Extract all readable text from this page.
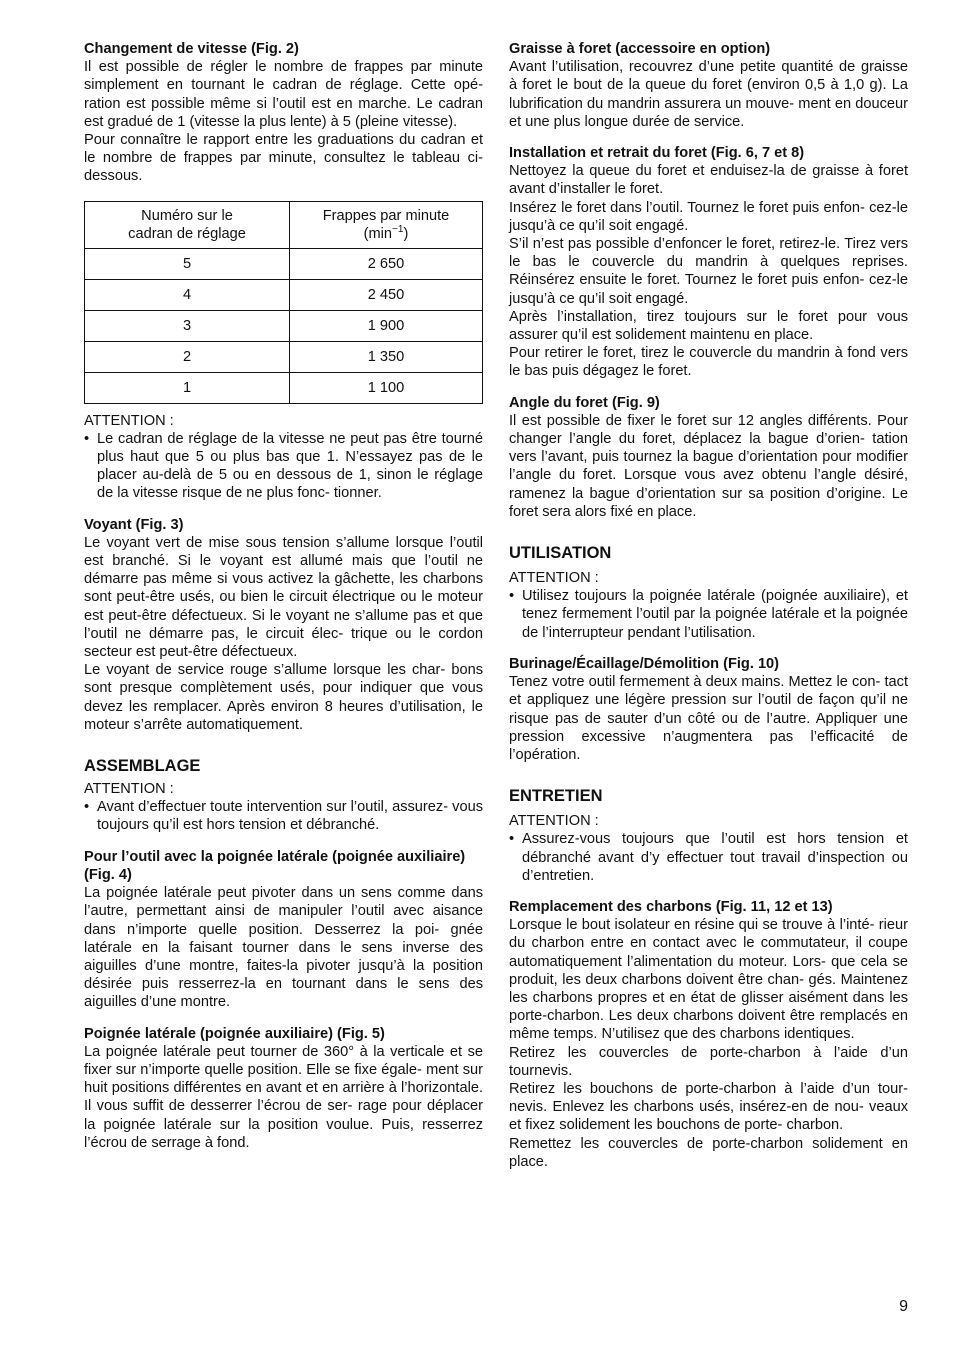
Changement de vitesse (Fig. 2)

Il est possible de régler le nombre de frappes par minute simplement en tournant le cadran de réglage. Cette opé- ration est possible même si l’outil est en marche. Le cadran est gradué de 1 (vitesse la plus lente) à 5 (pleine vitesse).

Pour connaître le rapport entre les graduations du cadran et le nombre de frappes par minute, consultez le tableau ci-dessous.

Numéro sur le
cadran de réglage	Frappes par minute
$(\min^{-1})$
5	2 650
4	2 450
3	1 900
2	1 350
1	1 100

ATTENTION :

• Le cadran de réglage de la vitesse ne peut pas être tourné plus haut que 5 ou plus bas que 1. N’essayez pas de le placer au-delà de 5 ou en dessous de 1, sinon le réglage de la vitesse risque de ne plus fonc- tionner.
Voyant (Fig. 3)

Le voyant vert de mise sous tension s’allume lorsque l’outil est branché. Si le voyant est allumé mais que l’outil ne démarre pas même si vous activez la gâchette, les charbons sont peut-être usés, ou bien le circuit électrique ou le moteur est peut-être défectueux. Si le voyant ne s’allume pas et que l’outil ne démarre pas, le circuit élec- trique ou le cordon secteur est peut-être défectueux.

Le voyant de service rouge s’allume lorsque les char- bons sont presque complètement usés, pour indiquer que vous devez les remplacer. Après environ 8 heures d’utilisation, le moteur s’arrête automatiquement.

ASSEMBLAGE

ATTENTION :

• Avant d’effectuer toute intervention sur l’outil, assurez- vous toujours qu’il est hors tension et débranché.
Pour l’outil avec la poignée latérale (poignée auxiliaire) (Fig. 4)

La poignée latérale peut pivoter dans un sens comme dans l’autre, permettant ainsi de manipuler l’outil avec aisance dans n’importe quelle position. Desserrez la poi- gnée latérale en la faisant tourner dans le sens inverse des aiguilles d’une montre, faites-la pivoter jusqu’à la position désirée puis resserrez-la en tournant dans le sens des aiguilles d’une montre.

Poignée latérale (poignée auxiliaire) (Fig. 5)

La poignée latérale peut tourner de 360° à la verticale et se fixer sur n’importe quelle position. Elle se fixe égale- ment sur huit positions différentes en avant et en arrière à l’horizontale. Il vous suffit de desserrer l’écrou de ser- rage pour déplacer la poignée latérale sur la position voulue. Puis, resserrez l’écrou de serrage à fond.

Graisse à foret (accessoire en option)

Avant l’utilisation, recouvrez d’une petite quantité de graisse à foret le bout de la queue du foret (environ 0,5 à 1,0 g). La lubrification du mandrin assurera un mouve- ment en douceur et une plus longue durée de service.

Installation et retrait du foret (Fig. 6, 7 et 8)

Nettoyez la queue du foret et enduisez-la de graisse à foret avant d’installer le foret.

Insérez le foret dans l’outil. Tournez le foret puis enfon- cez-le jusqu’à ce qu’il soit engagé.

S’il n’est pas possible d’enfoncer le foret, retirez-le. Tirez vers le bas le couvercle du mandrin à quelques reprises. Réinsérez ensuite le foret. Tournez le foret puis enfon- cez-le jusqu’à ce qu’il soit engagé.

Après l’installation, tirez toujours sur le foret pour vous assurer qu’il est solidement maintenu en place.

Pour retirer le foret, tirez le couvercle du mandrin à fond vers le bas puis dégagez le foret.

Angle du foret (Fig. 9)

Il est possible de fixer le foret sur 12 angles différents. Pour changer l’angle du foret, déplacez la bague d’orien- tation vers l’avant, puis tournez la bague d’orientation pour modifier l’angle du foret. Lorsque vous avez obtenu l’angle désiré, ramenez la bague d’orientation sur sa position d’origine. Le foret sera alors fixé en place.

UTILISATION

ATTENTION :

• Utilisez toujours la poignée latérale (poignée auxiliaire), et tenez fermement l’outil par la poignée latérale et la poignée de l’interrupteur pendant l’utilisation.
Burinage/Écaillage/Démolition (Fig. 10)

Tenez votre outil fermement à deux mains. Mettez le con- tact et appliquez une légère pression sur l’outil de façon qu’il ne risque pas de sauter d’un côté ou de l’autre. Appliquer une pression excessive n’augmentera pas l’efficacité de l’opération.

ENTRETIEN

ATTENTION :

• Assurez-vous toujours que l’outil est hors tension et débranché avant d’y effectuer tout travail d’inspection ou d’entretien.
Remplacement des charbons (Fig. 11, 12 et 13)

Lorsque le bout isolateur en résine qui se trouve à l’inté- rieur du charbon entre en contact avec le commutateur, il coupe automatiquement l’alimentation du moteur. Lors- que cela se produit, les deux charbons doivent être chan- gés. Maintenez les charbons propres et en état de glisser aisément dans les porte-charbon. Les deux charbons doivent être remplacés en même temps. N’utilisez que des charbons identiques.

Retirez les couvercles de porte-charbon à l’aide d’un tournevis.

Retirez les bouchons de porte-charbon à l’aide d’un tour- nevis. Enlevez les charbons usés, insérez-en de nou- veaux et fixez solidement les bouchons de porte- charbon.

Remettez les couvercles de porte-charbon solidement en place.

9
